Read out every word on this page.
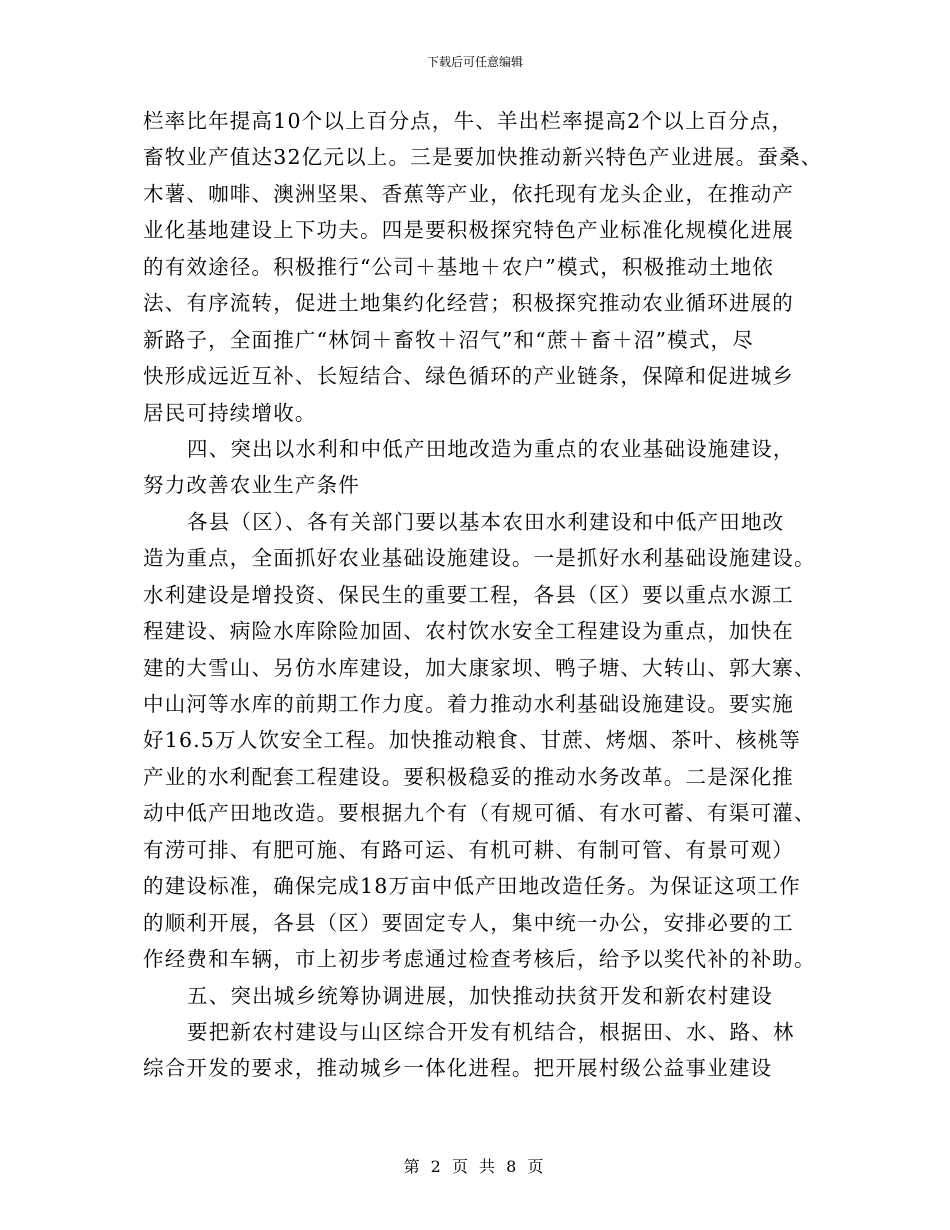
下载后可任意编辑
栏率比年提高10个以上百分点，牛、羊出栏率提高2个以上百分点，
畜牧业产值达32亿元以上。三是要加快推动新兴特色产业进展。蚕桑、
木薯、咖啡、澳洲坚果、香蕉等产业，依托现有龙头企业，在推动产
业化基地建设上下功夫。四是要积极探究特色产业标准化规模化进展
的有效途径。积极推行“公司＋基地＋农户”模式，积极推动土地依
法、有序流转，促进土地集约化经营；积极探究推动农业循环进展的
新路子，全面推广“林饲＋畜牧＋沼气”和“蔗＋畜＋沼”模式，尽
快形成远近互补、长短结合、绿色循环的产业链条，保障和促进城乡
居民可持续增收。
四、突出以水利和中低产田地改造为重点的农业基础设施建设，
努力改善农业生产条件
各县（区）、各有关部门要以基本农田水利建设和中低产田地改
造为重点，全面抓好农业基础设施建设。一是抓好水利基础设施建设。
水利建设是增投资、保民生的重要工程，各县（区）要以重点水源工
程建设、病险水库除险加固、农村饮水安全工程建设为重点，加快在
建的大雪山、另仿水库建设，加大康家坝、鸭子塘、大转山、郭大寨、
中山河等水库的前期工作力度。着力推动水利基础设施建设。要实施
好16.5万人饮安全工程。加快推动粮食、甘蔗、烤烟、茶叶、核桃等
产业的水利配套工程建设。要积极稳妥的推动水务改革。二是深化推
动中低产田地改造。要根据九个有（有规可循、有水可蓄、有渠可灌、
有涝可排、有肥可施、有路可运、有机可耕、有制可管、有景可观）
的建设标准，确保完成18万亩中低产田地改造任务。为保证这项工作
的顺利开展，各县（区）要固定专人，集中统一办公，安排必要的工
作经费和车辆，市上初步考虑通过检查考核后，给予以奖代补的补助。
五、突出城乡统筹协调进展，加快推动扶贫开发和新农村建设
要把新农村建设与山区综合开发有机结合，根据田、水、路、林
综合开发的要求，推动城乡一体化进程。把开展村级公益事业建设
第 2 页 共 8 页
